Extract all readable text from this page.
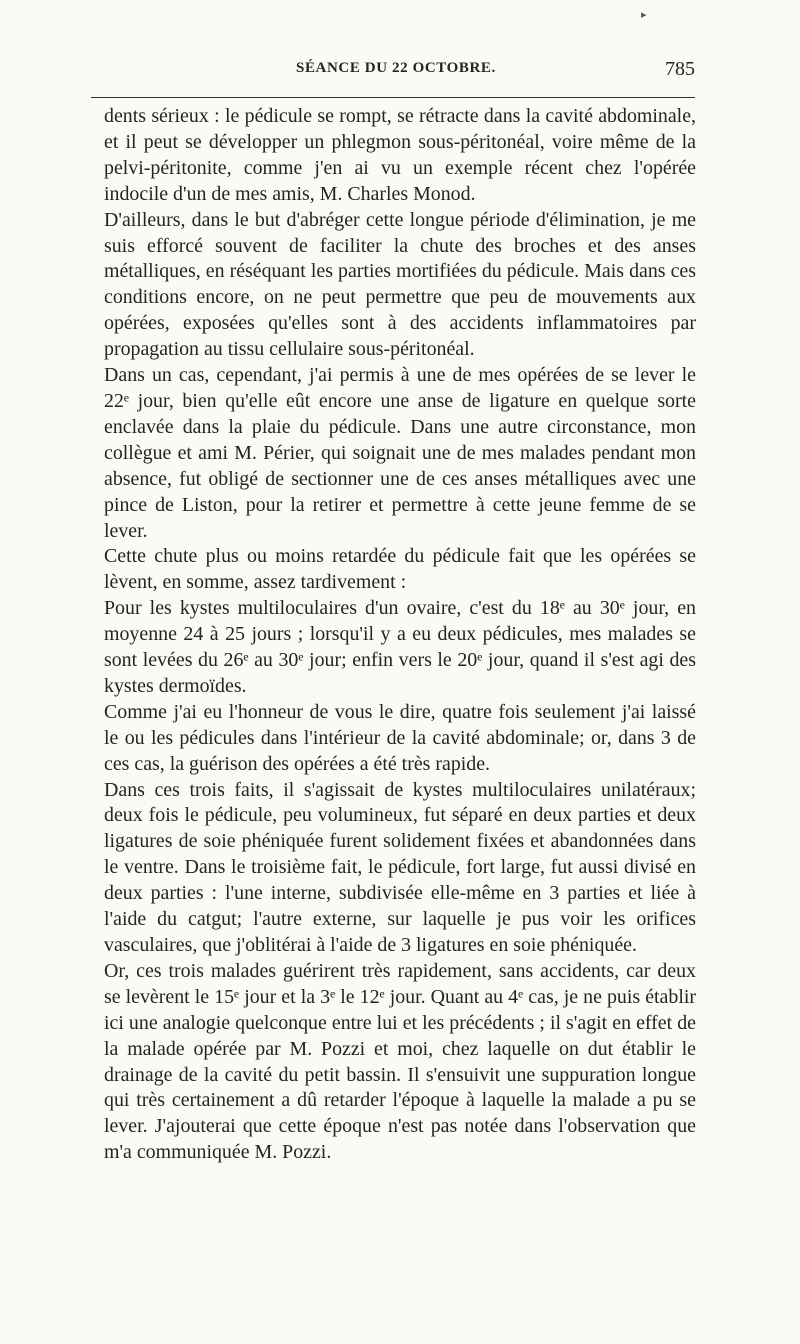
▸
SÉANCE DU 22 OCTOBRE.	785

dents sérieux : le pédicule se rompt, se rétracte dans la cavité abdominale, et il peut se développer un phlegmon sous-péritonéal, voire même de la pelvi-péritonite, comme j'en ai vu un exemple récent chez l'opérée indocile d'un de mes amis, M. Charles Monod.

D'ailleurs, dans le but d'abréger cette longue période d'élimination, je me suis efforcé souvent de faciliter la chute des broches et des anses métalliques, en réséquant les parties mortifiées du pédicule. Mais dans ces conditions encore, on ne peut permettre que peu de mouvements aux opérées, exposées qu'elles sont à des accidents inflammatoires par propagation au tissu cellulaire sous-péritonéal.

Dans un cas, cependant, j'ai permis à une de mes opérées de se lever le 22ᵉ jour, bien qu'elle eût encore une anse de ligature en quelque sorte enclavée dans la plaie du pédicule. Dans une autre circonstance, mon collègue et ami M. Périer, qui soignait une de mes malades pendant mon absence, fut obligé de sectionner une de ces anses métalliques avec une pince de Liston, pour la retirer et permettre à cette jeune femme de se lever.

Cette chute plus ou moins retardée du pédicule fait que les opérées se lèvent, en somme, assez tardivement :

Pour les kystes multiloculaires d'un ovaire, c'est du 18ᵉ au 30ᵉ jour, en moyenne 24 à 25 jours ; lorsqu'il y a eu deux pédicules, mes malades se sont levées du 26ᵉ au 30ᵉ jour; enfin vers le 20ᵉ jour, quand il s'est agi des kystes dermoïdes.

Comme j'ai eu l'honneur de vous le dire, quatre fois seulement j'ai laissé le ou les pédicules dans l'intérieur de la cavité abdominale; or, dans 3 de ces cas, la guérison des opérées a été très rapide.

Dans ces trois faits, il s'agissait de kystes multiloculaires unilatéraux; deux fois le pédicule, peu volumineux, fut séparé en deux parties et deux ligatures de soie phéniquée furent solidement fixées et abandonnées dans le ventre. Dans le troisième fait, le pédicule, fort large, fut aussi divisé en deux parties : l'une interne, subdivisée elle-même en 3 parties et liée à l'aide du catgut; l'autre externe, sur laquelle je pus voir les orifices vasculaires, que j'oblitérai à l'aide de 3 ligatures en soie phéniquée.

Or, ces trois malades guérirent très rapidement, sans accidents, car deux se levèrent le 15ᵉ jour et la 3ᵉ le 12ᵉ jour. Quant au 4ᵉ cas, je ne puis établir ici une analogie quelconque entre lui et les précédents ; il s'agit en effet de la malade opérée par M. Pozzi et moi, chez laquelle on dut établir le drainage de la cavité du petit bassin. Il s'ensuivit une suppuration longue qui très certainement a dû retarder l'époque à laquelle la malade a pu se lever. J'ajouterai que cette époque n'est pas notée dans l'observation que m'a communiquée M. Pozzi.
